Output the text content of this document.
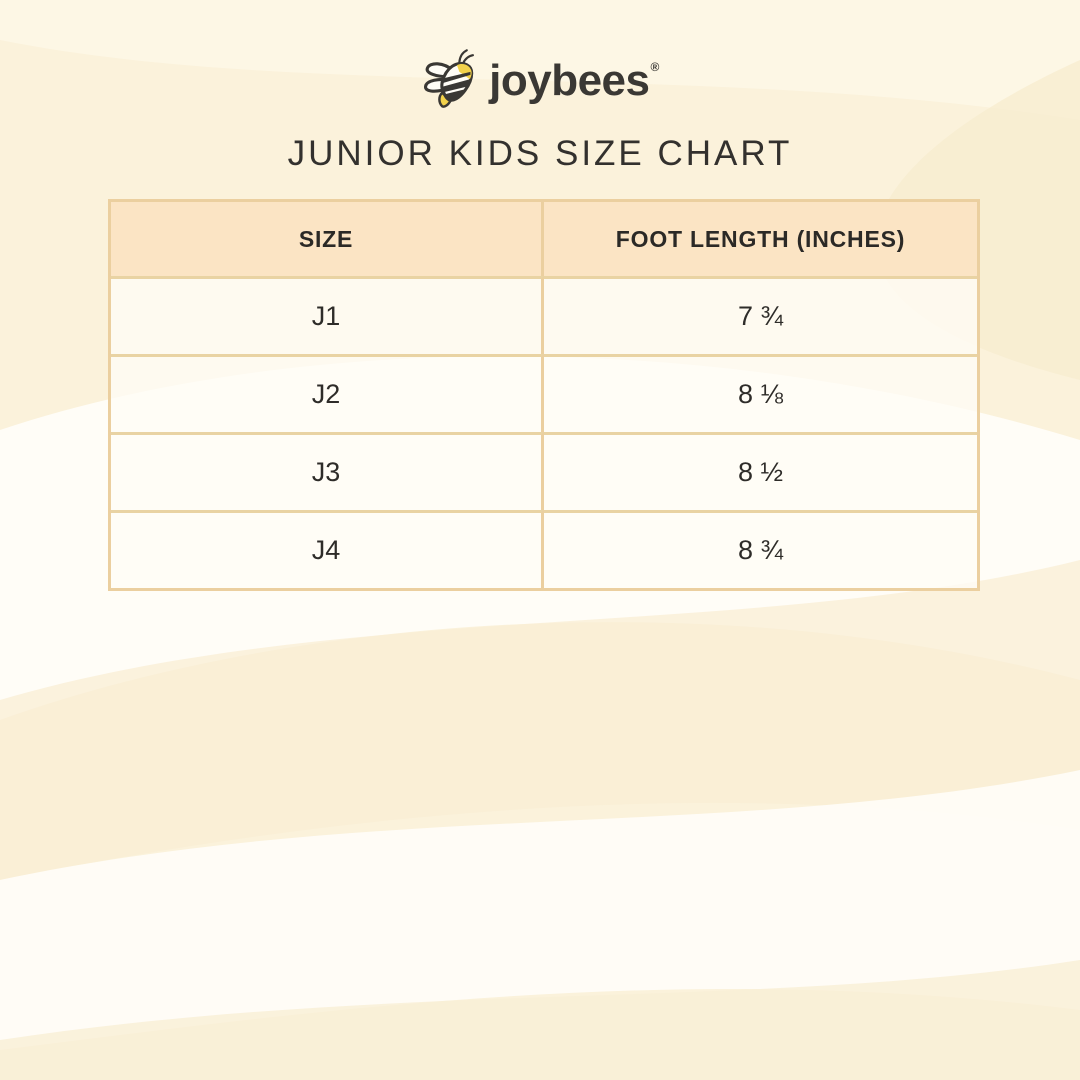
joybees ®
JUNIOR KIDS SIZE CHART
SIZE	FOOT LENGTH (INCHES)
J1	7 ¾
J2	8 ⅛
J3	8 ½
J4	8 ¾
